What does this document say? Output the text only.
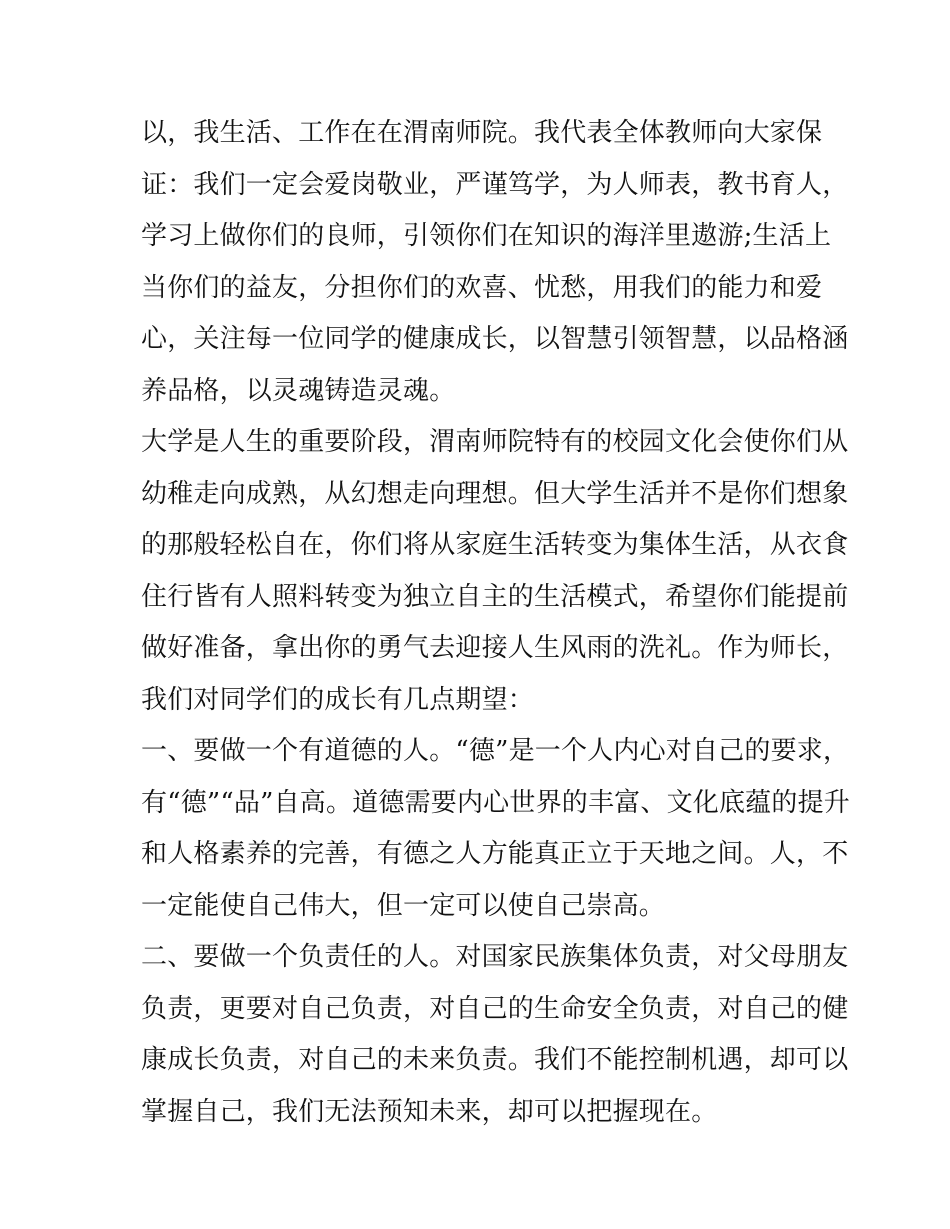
以，我生活、工作在在渭南师院。我代表全体教师向大家保
证：我们一定会爱岗敬业，严谨笃学，为人师表，教书育人，
学习上做你们的良师，引领你们在知识的海洋里遨游;生活上
当你们的益友，分担你们的欢喜、忧愁，用我们的能力和爱
心，关注每一位同学的健康成长，以智慧引领智慧，以品格涵
养品格，以灵魂铸造灵魂。
大学是人生的重要阶段，渭南师院特有的校园文化会使你们从
幼稚走向成熟，从幻想走向理想。但大学生活并不是你们想象
的那般轻松自在，你们将从家庭生活转变为集体生活，从衣食
住行皆有人照料转变为独立自主的生活模式，希望你们能提前
做好准备，拿出你的勇气去迎接人生风雨的洗礼。作为师长，
我们对同学们的成长有几点期望：
一、要做一个有道德的人。“德”是一个人内心对自己的要求，
有“德”“品”自高。道德需要内心世界的丰富、文化底蕴的提升
和人格素养的完善，有德之人方能真正立于天地之间。人，不
一定能使自己伟大，但一定可以使自己崇高。
二、要做一个负责任的人。对国家民族集体负责，对父母朋友
负责，更要对自己负责，对自己的生命安全负责，对自己的健
康成长负责，对自己的未来负责。我们不能控制机遇，却可以
掌握自己，我们无法预知未来，却可以把握现在。
